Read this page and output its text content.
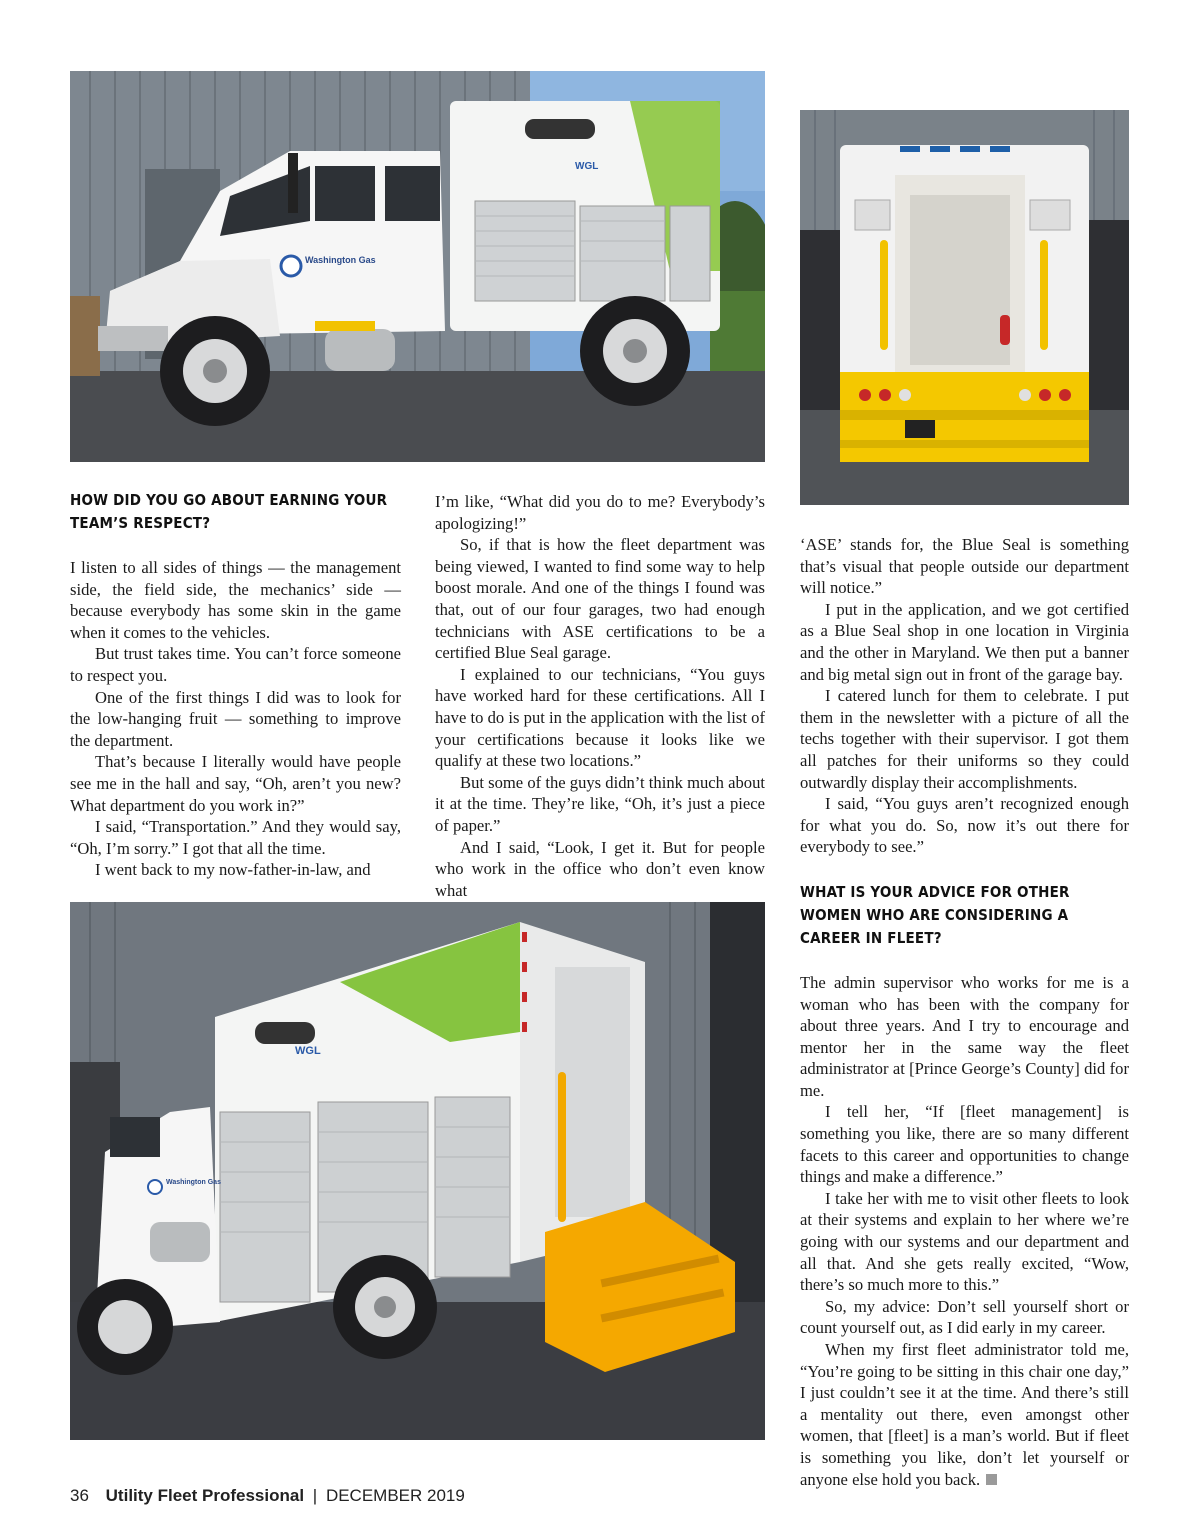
Washington Gas
WGL
WGL
Washington Gas
HOW DID YOU GO ABOUT EARNING YOUR TEAM’S RESPECT?

I listen to all sides of things — the management side, the field side, the mechanics’ side — because everybody has some skin in the game when it comes to the vehicles.

But trust takes time. You can’t force someone to respect you.

One of the first things I did was to look for the low-hanging fruit — something to improve the department.

That’s because I literally would have people see me in the hall and say, “Oh, aren’t you new? What department do you work in?”

I said, “Transportation.” And they would say, “Oh, I’m sorry.” I got that all the time.

I went back to my now-father-in-law, and

I’m like, “What did you do to me? Everybody’s apologizing!”

So, if that is how the fleet department was being viewed, I wanted to find some way to help boost morale. And one of the things I found was that, out of our four garages, two had enough technicians with ASE certifications to be a certified Blue Seal garage.

I explained to our technicians, “You guys have worked hard for these certifications. All I have to do is put in the application with the list of your certifications because it looks like we qualify at these two locations.”

But some of the guys didn’t think much about it at the time. They’re like, “Oh, it’s just a piece of paper.”

And I said, “Look, I get it. But for people who work in the office who don’t even know what

‘ASE’ stands for, the Blue Seal is something that’s visual that people outside our department will notice.”

I put in the application, and we got certified as a Blue Seal shop in one location in Virginia and the other in Maryland. We then put a banner and big metal sign out in front of the garage bay.

I catered lunch for them to celebrate. I put them in the newsletter with a picture of all the techs together with their supervisor. I got them all patches for their uniforms so they could outwardly display their accomplishments.

I said, “You guys aren’t recognized enough for what you do. So, now it’s out there for everybody to see.”

WHAT IS YOUR ADVICE FOR OTHER WOMEN WHO ARE CONSIDERING A CAREER IN FLEET?

The admin supervisor who works for me is a woman who has been with the company for about three years. And I try to encourage and mentor her in the same way the fleet administrator at [Prince George’s County] did for me.

I tell her, “If [fleet management] is something you like, there are so many different facets to this career and opportunities to change things and make a difference.”

I take her with me to visit other fleets to look at their systems and explain to her where we’re going with our systems and our department and all that. And she gets really excited, “Wow, there’s so much more to this.”

So, my advice: Don’t sell yourself short or count yourself out, as I did early in my career.

When my first fleet administrator told me, “You’re going to be sitting in this chair one day,” I just couldn’t see it at the time. And there’s still a mentality out there, even amongst other women, that [fleet] is a man’s world. But if fleet is something you like, don’t let yourself or anyone else hold you back.

36 Utility Fleet Professional | DECEMBER 2019
